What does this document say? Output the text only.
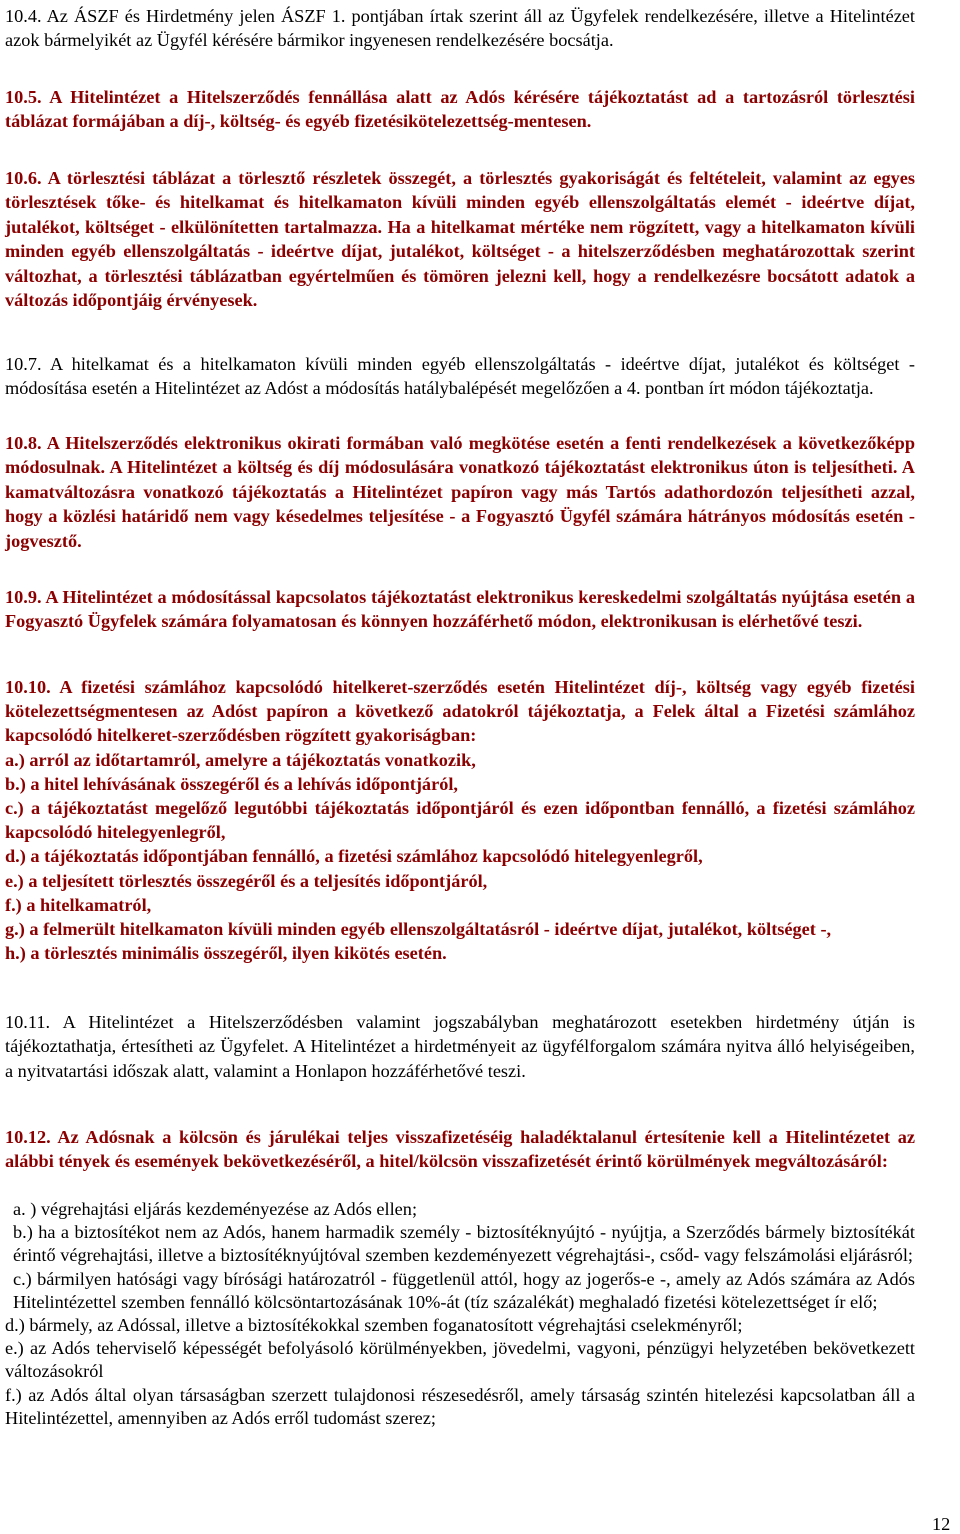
10.4. Az ÁSZF és Hirdetmény jelen ÁSZF 1. pontjában írtak szerint áll az Ügyfelek rendelkezésére, illetve a Hitelintézet azok bármelyikét az Ügyfél kérésére bármikor ingyenesen rendelkezésére bocsátja.

10.5. A Hitelintézet a Hitelszerződés fennállása alatt az Adós kérésére tájékoztatást ad a tartozásról törlesztési táblázat formájában a díj-, költség- és egyéb fizetésikötelezettség-mentesen.

10.6. A törlesztési táblázat a törlesztő részletek összegét, a törlesztés gyakoriságát és feltételeit, valamint az egyes törlesztések tőke- és hitelkamat és hitelkamaton kívüli minden egyéb ellenszolgáltatás elemét - ideértve díjat, jutalékot, költséget - elkülönítetten tartalmazza. Ha a hitelkamat mértéke nem rögzített, vagy a hitelkamaton kívüli minden egyéb ellenszolgáltatás - ideértve díjat, jutalékot, költséget - a hitelszerződésben meghatározottak szerint változhat, a törlesztési táblázatban egyértelműen és tömören jelezni kell, hogy a rendelkezésre bocsátott adatok a változás időpontjáig érvényesek.

10.7. A hitelkamat és a hitelkamaton kívüli minden egyéb ellenszolgáltatás - ideértve díjat, jutalékot és költséget - módosítása esetén a Hitelintézet az Adóst a módosítás hatálybalépését megelőzően a 4. pontban írt módon tájékoztatja.

10.8. A Hitelszerződés elektronikus okirati formában való megkötése esetén a fenti rendelkezések a következőképp módosulnak. A Hitelintézet a költség és díj módosulására vonatkozó tájékoztatást elektronikus úton is teljesítheti. A kamatváltozásra vonatkozó tájékoztatás a Hitelintézet papíron vagy más Tartós adathordozón teljesítheti azzal, hogy a közlési határidő nem vagy késedelmes teljesítése - a Fogyasztó Ügyfél számára hátrányos módosítás esetén - jogvesztő.

10.9. A Hitelintézet a módosítással kapcsolatos tájékoztatást elektronikus kereskedelmi szolgáltatás nyújtása esetén a Fogyasztó Ügyfelek számára folyamatosan és könnyen hozzáférhető módon, elektronikusan is elérhetővé teszi.

10.10. A fizetési számlához kapcsolódó hitelkeret-szerződés esetén Hitelintézet díj-, költség vagy egyéb fizetési kötelezettségmentesen az Adóst papíron a következő adatokról tájékoztatja, a Felek által a Fizetési számlához kapcsolódó hitelkeret-szerződésben rögzített gyakoriságban:

a.) arról az időtartamról, amelyre a tájékoztatás vonatkozik,

b.) a hitel lehívásának összegéről és a lehívás időpontjáról,

c.) a tájékoztatást megelőző legutóbbi tájékoztatás időpontjáról és ezen időpontban fennálló, a fizetési számlához kapcsolódó hitelegyenlegről,

d.) a tájékoztatás időpontjában fennálló, a fizetési számlához kapcsolódó hitelegyenlegről,

e.) a teljesített törlesztés összegéről és a teljesítés időpontjáról,

f.) a hitelkamatról,

g.) a felmerült hitelkamaton kívüli minden egyéb ellenszolgáltatásról - ideértve díjat, jutalékot, költséget -,

h.) a törlesztés minimális összegéről, ilyen kikötés esetén.

10.11. A Hitelintézet a Hitelszerződésben valamint jogszabályban meghatározott esetekben hirdetmény útján is tájékoztathatja, értesítheti az Ügyfelet. A Hitelintézet a hirdetményeit az ügyfélforgalom számára nyitva álló helyiségeiben, a nyitvatartási időszak alatt, valamint a Honlapon hozzáférhetővé teszi.

10.12. Az Adósnak a kölcsön és járulékai teljes visszafizetéséig haladéktalanul értesítenie kell a Hitelintézetet az alábbi tények és események bekövetkezéséről, a hitel/kölcsön visszafizetését érintő körülmények megváltozásáról:

a. ) végrehajtási eljárás kezdeményezése az Adós ellen;

b.) ha a biztosítékot nem az Adós, hanem harmadik személy - biztosítéknyújtó - nyújtja, a Szerződés bármely biztosítékát érintő végrehajtási, illetve a biztosítéknyújtóval szemben kezdeményezett végrehajtási-, csőd- vagy felszámolási eljárásról;

c.) bármilyen hatósági vagy bírósági határozatról - függetlenül attól, hogy az jogerős-e -, amely az Adós számára az Adós Hitelintézettel szemben fennálló kölcsöntartozásának 10%-át (tíz százalékát) meghaladó fizetési kötelezettséget ír elő;

d.) bármely, az Adóssal, illetve a biztosítékokkal szemben foganatosított végrehajtási cselekményről;

e.) az Adós teherviselő képességét befolyásoló körülményekben, jövedelmi, vagyoni, pénzügyi helyzetében bekövetkezett változásokról

f.) az Adós által olyan társaságban szerzett tulajdonosi részesedésről, amely társaság szintén hitelezési kapcsolatban áll a Hitelintézettel, amennyiben az Adós erről tudomást szerez;

12
